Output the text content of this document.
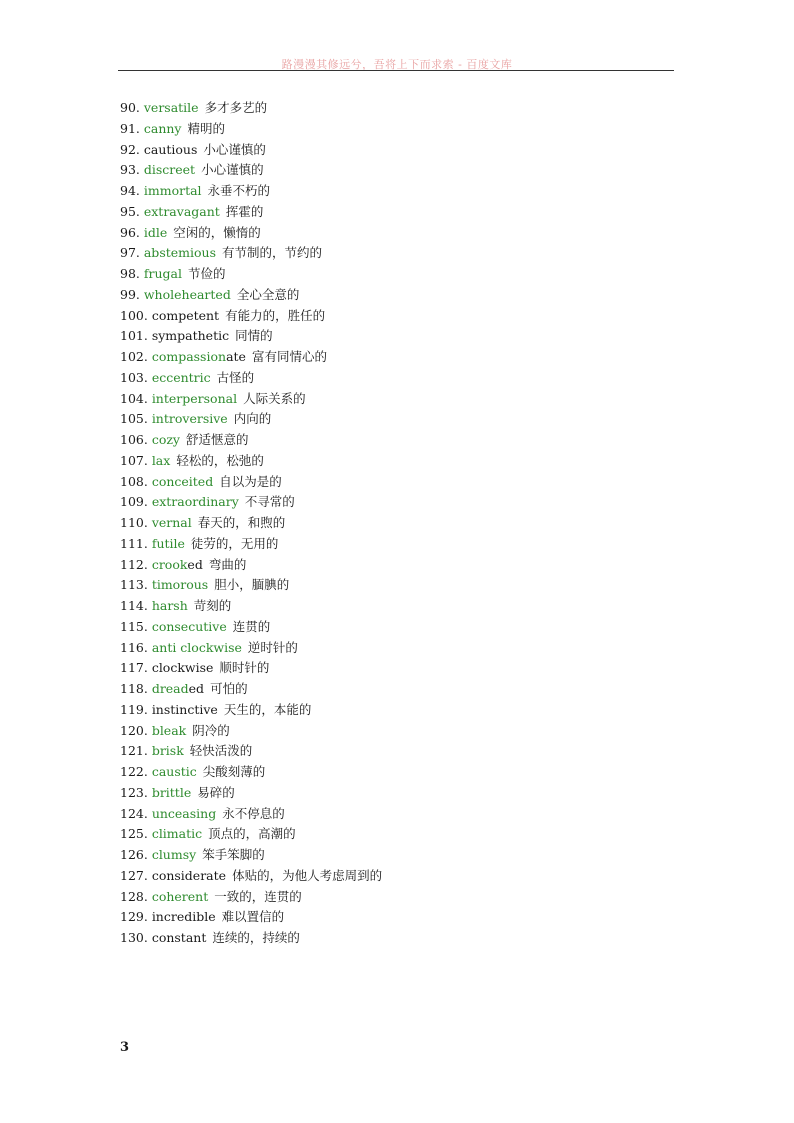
路漫漫其修远兮，吾将上下而求索 - 百度文库
90. versatile 多才多艺的
91. canny 精明的
92. cautious 小心谨慎的
93. discreet 小心谨慎的
94. immortal 永垂不朽的
95. extravagant 挥霍的
96. idle 空闲的，懒惰的
97. abstemious 有节制的，节约的
98. frugal 节俭的
99. wholehearted 全心全意的
100. competent 有能力的，胜任的
101. sympathetic 同情的
102. compassionate 富有同情心的
103. eccentric 古怪的
104. interpersonal 人际关系的
105. introversive 内向的
106. cozy 舒适惬意的
107. lax 轻松的，松弛的
108. conceited 自以为是的
109. extraordinary 不寻常的
110. vernal 春天的，和煦的
111. futile 徒劳的，无用的
112. crooked 弯曲的
113. timorous 胆小，腼腆的
114. harsh 苛刻的
115. consecutive 连贯的
116. anti clockwise 逆时针的
117. clockwise 顺时针的
118. dreaded 可怕的
119. instinctive 天生的，本能的
120. bleak 阴冷的
121. brisk 轻快活泼的
122. caustic 尖酸刻薄的
123. brittle 易碎的
124. unceasing 永不停息的
125. climatic 顶点的，高潮的
126. clumsy 笨手笨脚的
127. considerate 体贴的，为他人考虑周到的
128. coherent 一致的，连贯的
129. incredible 难以置信的
130. constant 连续的，持续的
3
